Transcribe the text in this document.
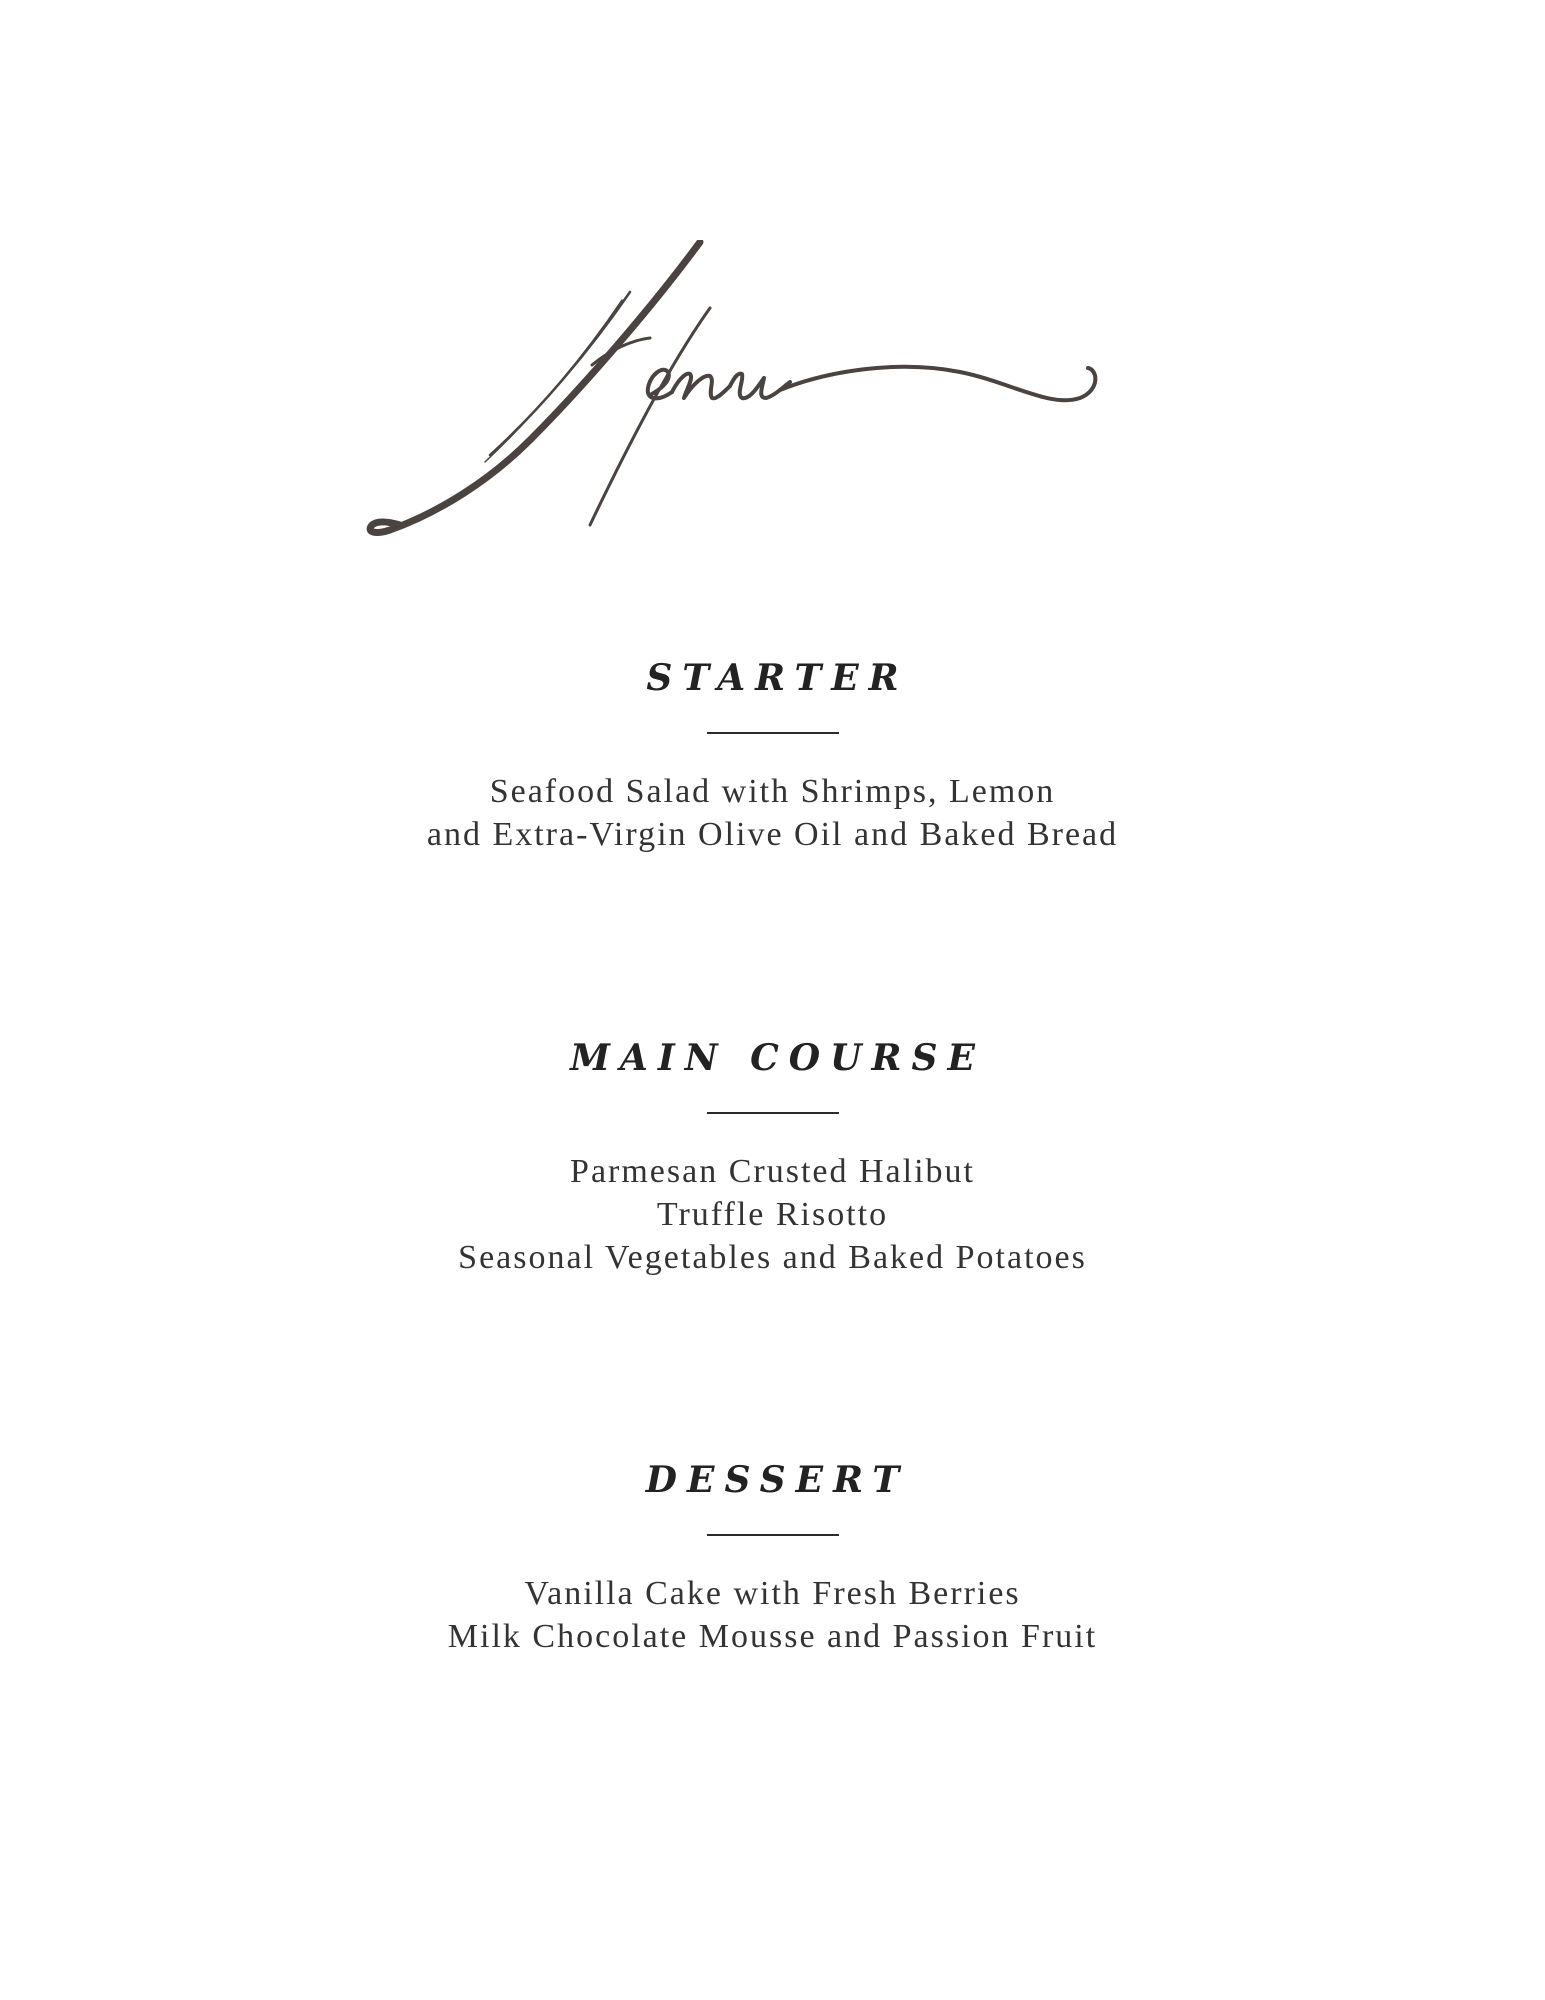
STARTER
Seafood Salad with Shrimps, Lemon
and Extra-Virgin Olive Oil and Baked Bread
MAIN COURSE
Parmesan Crusted Halibut
Truffle Risotto
Seasonal Vegetables and Baked Potatoes
DESSERT
Vanilla Cake with Fresh Berries
Milk Chocolate Mousse and Passion Fruit
